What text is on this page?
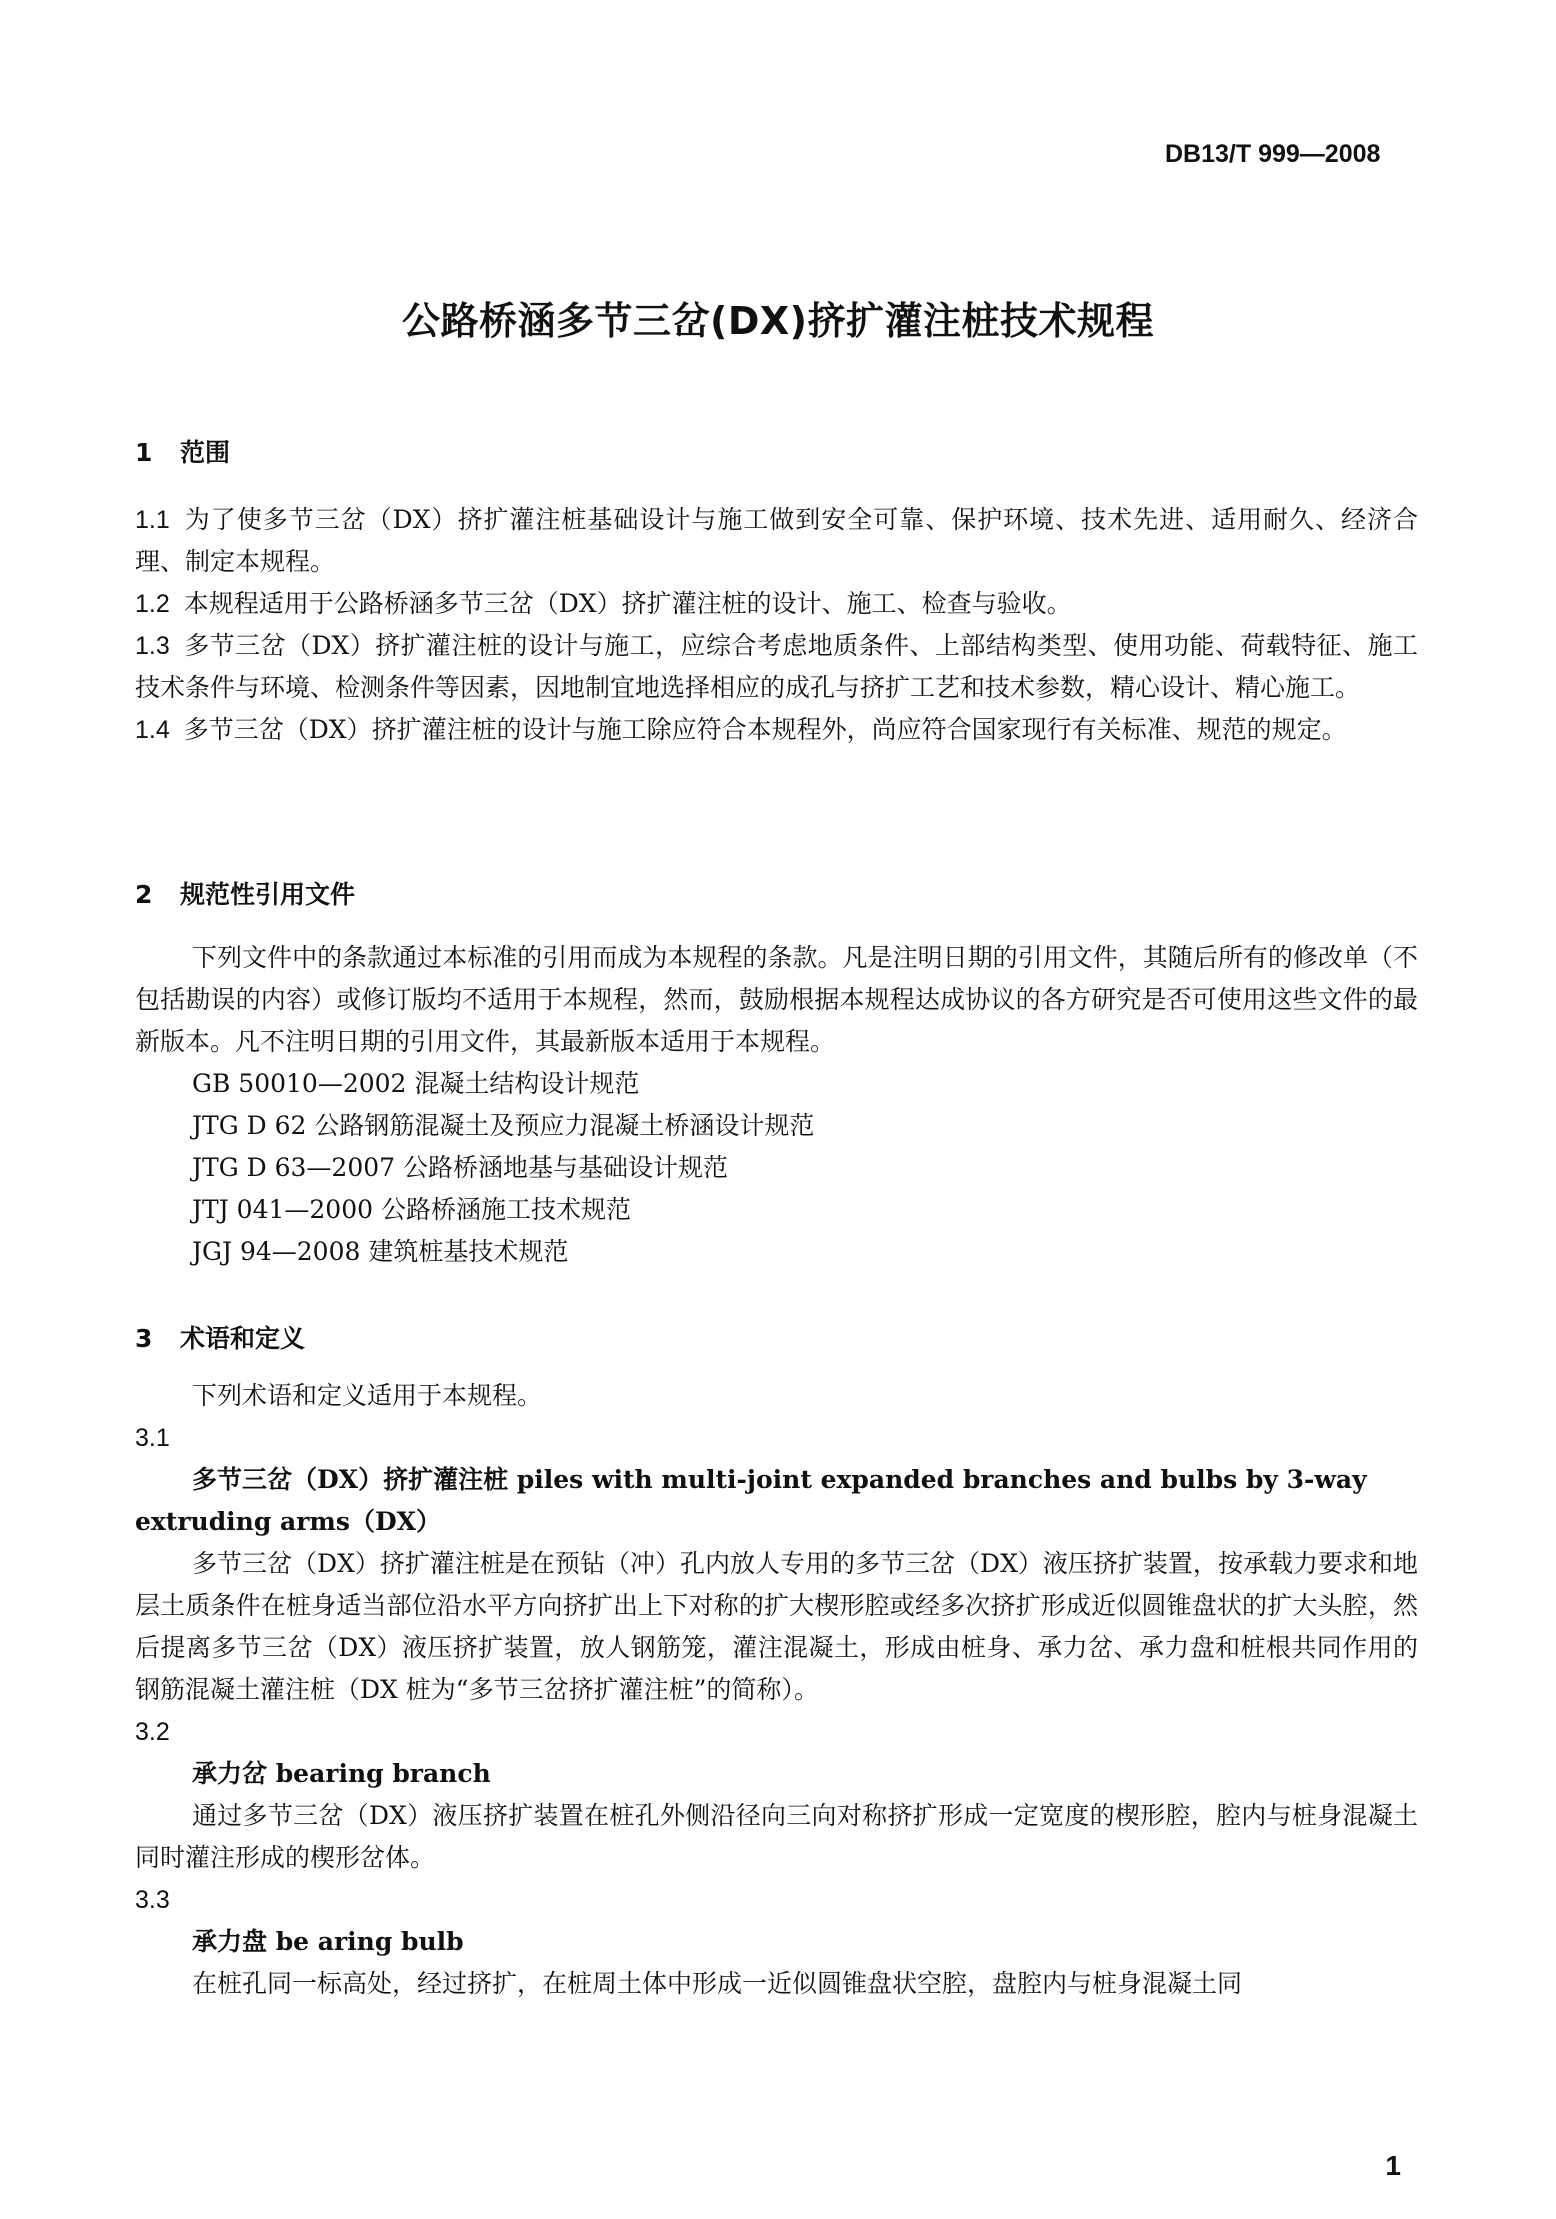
DB13/T 999—2008
公路桥涵多节三岔(DX)挤扩灌注桩技术规程
1 范围

1.1 为了使多节三岔（DX）挤扩灌注桩基础设计与施工做到安全可靠、保护环境、技术先进、适用耐久、经济合理、制定本规程。

1.2 本规程适用于公路桥涵多节三岔（DX）挤扩灌注桩的设计、施工、检查与验收。

1.3 多节三岔（DX）挤扩灌注桩的设计与施工，应综合考虑地质条件、上部结构类型、使用功能、荷载特征、施工技术条件与环境、检测条件等因素，因地制宜地选择相应的成孔与挤扩工艺和技术参数，精心设计、精心施工。

1.4 多节三岔（DX）挤扩灌注桩的设计与施工除应符合本规程外，尚应符合国家现行有关标准、规范的规定。

2 规范性引用文件

下列文件中的条款通过本标准的引用而成为本规程的条款。凡是注明日期的引用文件，其随后所有的修改单（不包括勘误的内容）或修订版均不适用于本规程，然而，鼓励根据本规程达成协议的各方研究是否可使用这些文件的最新版本。凡不注明日期的引用文件，其最新版本适用于本规程。

GB 50010—2002 混凝土结构设计规范
JTG D 62 公路钢筋混凝土及预应力混凝土桥涵设计规范
JTG D 63—2007 公路桥涵地基与基础设计规范
JTJ 041—2000 公路桥涵施工技术规范
JGJ 94—2008 建筑桩基技术规范
3 术语和定义

下列术语和定义适用于本规程。

3.1
多节三岔（DX）挤扩灌注桩 piles with multi-joint expanded branches and bulbs by 3-way
extruding arms（DX）

多节三岔（DX）挤扩灌注桩是在预钻（冲）孔内放人专用的多节三岔（DX）液压挤扩装置，按承载力要求和地层土质条件在桩身适当部位沿水平方向挤扩出上下对称的扩大楔形腔或经多次挤扩形成近似圆锥盘状的扩大头腔，然后提离多节三岔（DX）液压挤扩装置，放人钢筋笼，灌注混凝土，形成由桩身、承力岔、承力盘和桩根共同作用的钢筋混凝土灌注桩（DX 桩为“多节三岔挤扩灌注桩”的简称）。

3.2
承力岔 bearing branch

通过多节三岔（DX）液压挤扩装置在桩孔外侧沿径向三向对称挤扩形成一定宽度的楔形腔，腔内与桩身混凝土同时灌注形成的楔形岔体。

3.3
承力盘 be aring bulb

在桩孔同一标高处，经过挤扩，在桩周土体中形成一近似圆锥盘状空腔，盘腔内与桩身混凝土同

1
